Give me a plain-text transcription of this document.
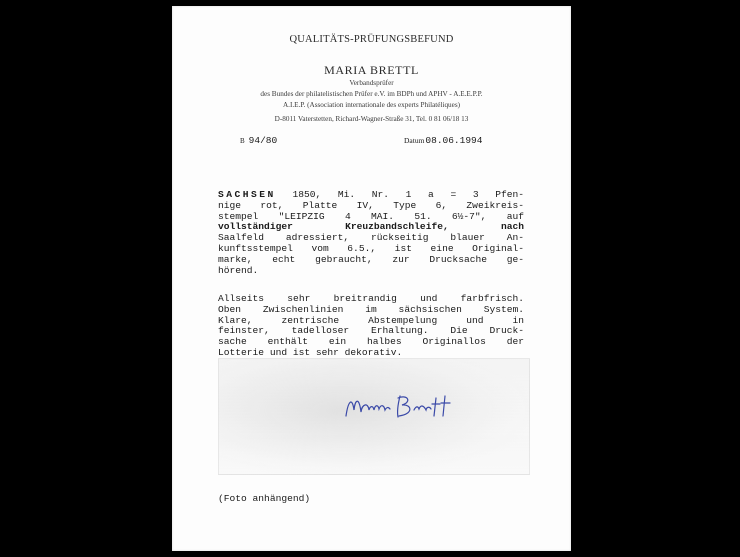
QUALITÄTS-PRÜFUNGSBEFUND
MARIA BRETTL
Verbandsprüfer
des Bundes der philatelistischen Prüfer e.V. im BDPh und APHV - A.E.E.P.P.
A.I.E.P. (Association internationale des experts Philatéliques)
D-8011 Vaterstetten, Richard-Wagner-Straße 31, Tel. 0 81 06/18 13
B 94/80	Datum08.06.1994
SACHSEN 1850, Mi. Nr. 1 a = 3 Pfen-
nige rot, Platte IV, Type 6, Zweikreis-
stempel "LEIPZIG 4 MAI. 51. 6½-7", auf
vollständiger	Kreuzbandschleife, nach
Saalfeld adressiert, rückseitig blauer An-
kunftsstempel vom 6.5., ist eine Original-
marke, echt gebraucht, zur Drucksache ge-
hörend.
Allseits sehr breitrandig und farbfrisch.
Oben Zwischenlinien im sächsischen System.
Klare, zentrische Abstempelung und in
feinster, tadelloser Erhaltung. Die Druck-
sache enthält ein halbes Originallos der
Lotterie und ist sehr dekorativ.
(Foto anhängend)
